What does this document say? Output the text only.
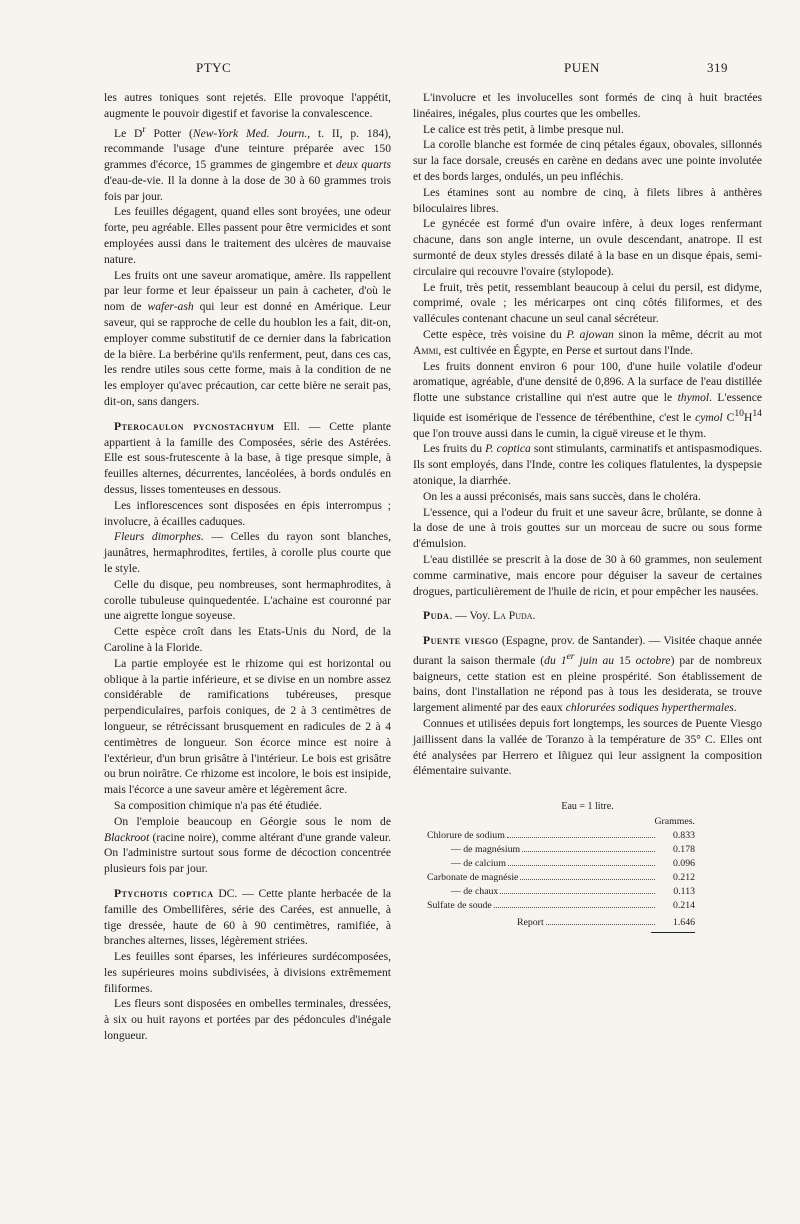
PTYC	PUEN	319

les autres toniques sont rejetés. Elle provoque l'appétit, augmente le pouvoir digestif et favorise la convalescence.

Le $D^r$ Potter (New-York Med. Journ., t. II, p. 184), recommande l'usage d'une teinture préparée avec 150 grammes d'écorce, 15 grammes de gingembre et deux quarts d'eau-de-vie. Il la donne à la dose de 30 à 60 grammes trois fois par jour.

Les feuilles dégagent, quand elles sont broyées, une odeur forte, peu agréable. Elles passent pour être vermicides et sont employées aussi dans le traitement des ulcères de mauvaise nature.

Les fruits ont une saveur aromatique, amère. Ils rappellent par leur forme et leur épaisseur un pain à cacheter, d'où le nom de wafer-ash qui leur est donné en Amérique. Leur saveur, qui se rapproche de celle du houblon les a fait, dit-on, employer comme substitutif de ce dernier dans la fabrication de la bière. La berbérine qu'ils renferment, peut, dans ces cas, les rendre utiles sous cette forme, mais à la condition de ne les employer qu'avec précaution, car cette bière ne serait pas, dit-on, sans dangers.

Pterocaulon pycnostachyum Ell. — Cette plante appartient à la famille des Composées, série des Astérées. Elle est sous-frutescente à la base, à tige presque simple, à feuilles alternes, décurrentes, lancéolées, à bords ondulés en dessus, lisses tomenteuses en dessous.

Les inflorescences sont disposées en épis interrompus ; involucre, à écailles caduques.

Fleurs dimorphes. — Celles du rayon sont blanches, jaunâtres, hermaphrodites, fertiles, à corolle plus courte que le style.

Celle du disque, peu nombreuses, sont hermaphrodites, à corolle tubuleuse quinquedentée. L'achaine est couronné par une aigrette longue soyeuse.

Cette espèce croît dans les Etats-Unis du Nord, de la Caroline à la Floride.

La partie employée est le rhizome qui est horizontal ou oblique à la partie inférieure, et se divise en un nombre assez considérable de ramifications tubéreuses, presque perpendiculaires, parfois coniques, de 2 à 3 centimètres de longueur, se rétrécissant brusquement en radicules de 2 à 4 centimètres de longueur. Son écorce mince est noire à l'extérieur, d'un brun grisâtre à l'intérieur. Le bois est grisâtre ou brun noirâtre. Ce rhizome est incolore, le bois est insipide, mais l'écorce a une saveur amère et légèrement âcre.

Sa composition chimique n'a pas été étudiée.

On l'emploie beaucoup en Géorgie sous le nom de Blackroot (racine noire), comme altérant d'une grande valeur. On l'administre surtout sous forme de décoction concentrée plusieurs fois par jour.

Ptychotis coptica DC. — Cette plante herbacée de la famille des Ombellifères, série des Carées, est annuelle, à tige dressée, haute de 60 à 90 centimètres, ramifiée, à branches alternes, lisses, légèrement striées.

Les feuilles sont éparses, les inférieures surdécomposées, les supérieures moins subdivisées, à divisions extrêmement filiformes.

Les fleurs sont disposées en ombelles terminales, dressées, à six ou huit rayons et portées par des pédoncules d'inégale longueur.

L'involucre et les involucelles sont formés de cinq à huit bractées linéaires, inégales, plus courtes que les ombelles.

Le calice est très petit, à limbe presque nul.

La corolle blanche est formée de cinq pétales égaux, obovales, sillonnés sur la face dorsale, creusés en carène en dedans avec une pointe involutée et des bords larges, ondulés, un peu infléchis.

Les étamines sont au nombre de cinq, à filets libres à anthères biloculaires libres.

Le gynécée est formé d'un ovaire infère, à deux loges renfermant chacune, dans son angle interne, un ovule descendant, anatrope. Il est surmonté de deux styles dressés dilaté à la base en un disque épais, semi-circulaire qui recouvre l'ovaire (stylopode).

Le fruit, très petit, ressemblant beaucoup à celui du persil, est didyme, comprimé, ovale ; les méricarpes ont cinq côtés filiformes, et des vallécules contenant chacune un seul canal sécréteur.

Cette espèce, très voisine du P. ajowan sinon la même, décrit au mot Ammi, est cultivée en Égypte, en Perse et surtout dans l'Inde.

Les fruits donnent environ 6 pour 100, d'une huile volatile d'odeur aromatique, agréable, d'une densité de 0,896. A la surface de l'eau distillée flotte une substance cristalline qui n'est autre que le thymol. L'essence liquide est isomérique de l'essence de térébenthine, c'est le cymol $C^{10}H^{14}$ que l'on trouve aussi dans le cumin, la ciguë vireuse et le thym.

Les fruits du P. coptica sont stimulants, carminatifs et antispasmodiques. Ils sont employés, dans l'Inde, contre les coliques flatulentes, la dyspepsie atonique, la diarrhée.

On les a aussi préconisés, mais sans succès, dans le choléra.

L'essence, qui a l'odeur du fruit et une saveur âcre, brûlante, se donne à la dose de une à trois gouttes sur un morceau de sucre ou sous forme d'émulsion.

L'eau distillée se prescrit à la dose de 30 à 60 grammes, non seulement comme carminative, mais encore pour déguiser la saveur de certaines drogues, particulièrement de l'huile de ricin, et pour empêcher les nausées.

Puda. — Voy. La Puda.

Puente viesgo (Espagne, prov. de Santander). — Visitée chaque année durant la saison thermale (du 1er juin au 15 octobre) par de nombreux baigneurs, cette station est en pleine prospérité. Son établissement de bains, dont l'installation ne répond pas à tous les desiderata, se trouve largement alimenté par des eaux chlorurées sodiques hyperthermales.

Connues et utilisées depuis fort longtemps, les sources de Puente Viesgo jaillissent dans la vallée de Toranzo à la température de 35° C. Elles ont été analysées par Herrero et Iñiguez qui leur assignent la composition élémentaire suivante.

Eau = 1 litre.
Grammes.
Chlorure de sodium	0.833
— de magnésium	0.178
— de calcium	0.096
Carbonate de magnésie	0.212
— de chaux	0.113
Sulfate de soude	0.214
Report	1.646
